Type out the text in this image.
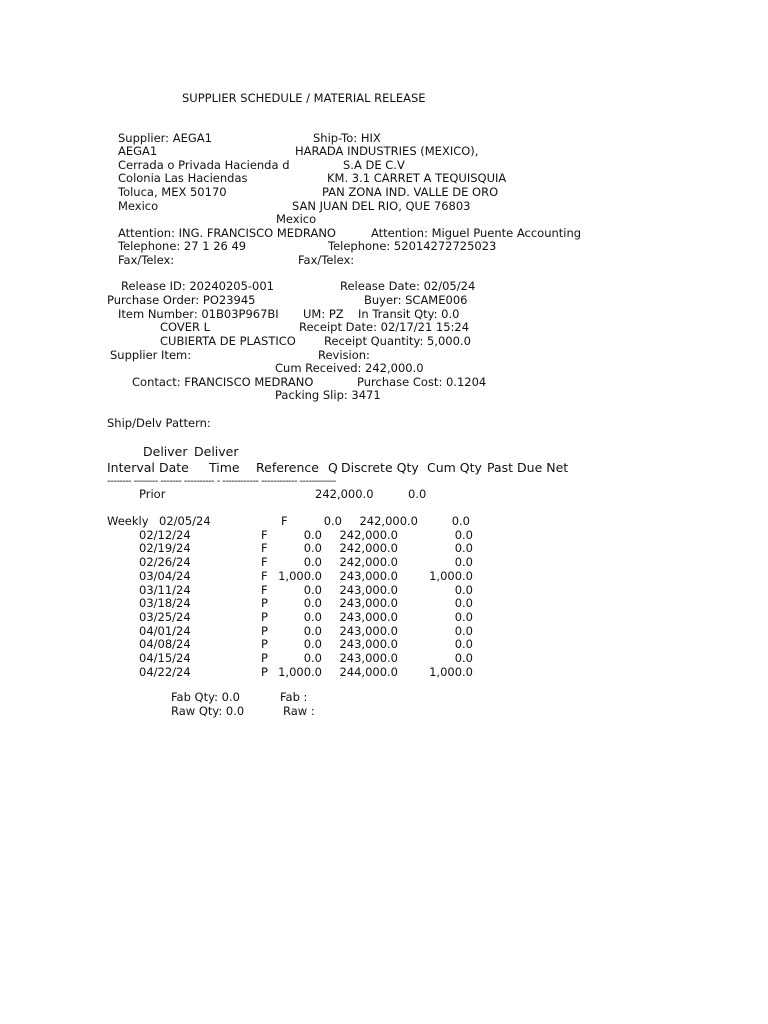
SUPPLIER SCHEDULE / MATERIAL RELEASE
Supplier: AEGA1
AEGA1
Cerrada o Privada Hacienda d
Colonia Las Haciendas
Toluca, MEX 50170
Mexico
Attention: ING. FRANCISCO MEDRANO
Telephone: 27 1 26 49
Fax/Telex:
Ship-To: HIX
HARADA INDUSTRIES (MEXICO),
S.A DE C.V
KM. 3.1 CARRET A TEQUISQUIA
PAN ZONA IND. VALLE DE ORO
SAN JUAN DEL RIO, QUE 76803
Mexico
Attention: Miguel Puente Accounting
Telephone: 52014272725023
Fax/Telex:
Release ID: 20240205-001	Release Date: 02/05/24
Purchase Order: PO23945	Buyer: SCAME006
Item Number: 01B03P967BI UM: PZ In Transit Qty: 0.0
COVER L	Receipt Date: 02/17/21 15:24
CUBIERTA DE PLASTICO Receipt Quantity: 5,000.0
Supplier Item:	Revision:
Cum Received: 242,000.0
Contact: FRANCISCO MEDRANO	Purchase Cost: 0.1204
Packing Slip: 3471
Ship/Delv Pattern:
Deliver Deliver
Interval Date Time Reference Q Discrete Qty Cum Qty Past Due Net
-------- -------- ------- ---------- - ------------ ------------ ------------
Prior	242,000.0	0.0
Weekly 02/05/24	F	0.0 242,000.0	0.0
02/12/24	F	0.0 242,000.0	0.0
02/19/24	F	0.0 242,000.0	0.0
02/26/24	F	0.0 242,000.0	0.0
03/04/24	F 1,000.0 243,000.0	1,000.0
03/11/24	F	0.0 243,000.0	0.0
03/18/24	P	0.0 243,000.0	0.0
03/25/24	P	0.0 243,000.0	0.0
04/01/24	P	0.0 243,000.0	0.0
04/08/24	P	0.0 243,000.0	0.0
04/15/24	P	0.0 243,000.0	0.0
04/22/24	P 1,000.0 244,000.0	1,000.0
Fab Qty: 0.0	Fab :
Raw Qty: 0.0	Raw :
